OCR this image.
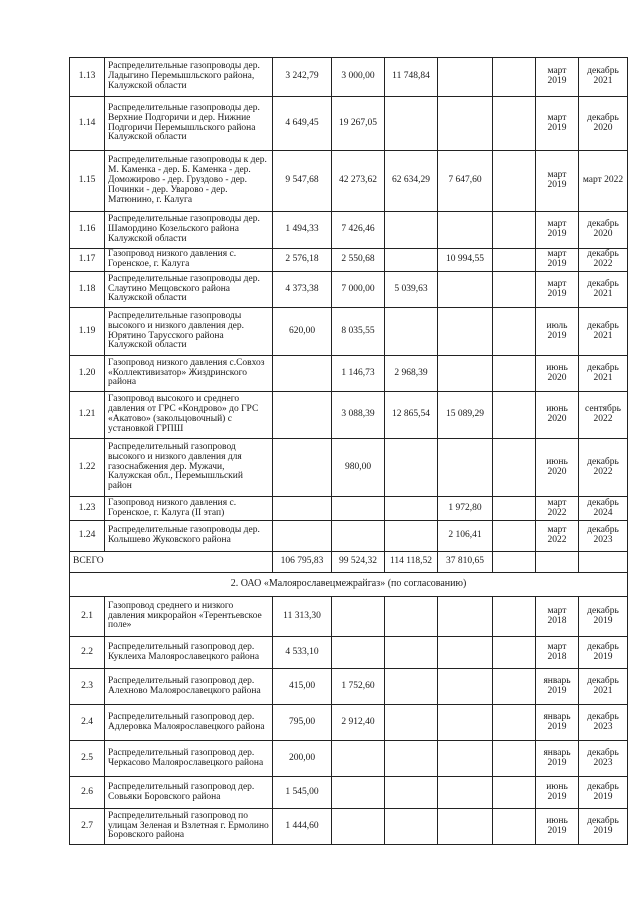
1.13	Распределительные газопроводы дер. Ладыгино Перемышльского района, Калужской области	3 242,79	3 000,00	11 748,84			март 2019	декабрь 2021
1.14	Распределительные газопроводы дер. Верхние Подгоричи и дер. Нижние Подгоричи Перемышльского района Калужской области	4 649,45	19 267,05				март 2019	декабрь 2020
1.15	Распределительные газопроводы к дер. М. Каменка - дер. Б. Каменка - дер. Доможирово - дер. Груздово - дер. Починки - дер. Уварово - дер. Матюнино, г. Калуга	9 547,68	42 273,62	62 634,29	7 647,60		март 2019	март 2022
1.16	Распределительные газопроводы дер. Шамордино Козельского района Калужской области	1 494,33	7 426,46				март 2019	декабрь 2020
1.17	Газопровод низкого давления с. Горенское, г. Калуга	2 576,18	2 550,68		10 994,55		март 2019	декабрь 2022
1.18	Распределительные газопроводы дер. Слаутино Мещовского района Калужской области	4 373,38	7 000,00	5 039,63			март 2019	декабрь 2021
1.19	Распределительные газопроводы высокого и низкого давления дер. Юрятино Тарусского района Калужской области	620,00	8 035,55				июль 2019	декабрь 2021
1.20	Газопровод низкого давления с.Совхоз «Коллективизатор» Жиздринского района		1 146,73	2 968,39			июнь 2020	декабрь 2021
1.21	Газопровод высокого и среднего давления от ГРС «Кондрово» до ГРС «Акатово» (закольцовочный) с установкой ГРПШ		3 088,39	12 865,54	15 089,29		июнь 2020	сентябрь 2022
1.22	Распределительный газопровод высокого и низкого давления для газоснабжения дер. Мужачи, Калужская обл., Перемышльский район		980,00				июнь 2020	декабрь 2022
1.23	Газопровод низкого давления с. Горенское, г. Калуга (II этап)				1 972,80		март 2022	декабрь 2024
1.24	Распределительные газопроводы дер. Колышево Жуковского района				2 106,41		март 2022	декабрь 2023
ВСЕГО		106 795,83	99 524,32	114 118,52	37 810,65			
2. ОАО «Малоярославецмежрайгаз» (по согласованию)								
2.1	Газопровод среднего и низкого давления микрорайон «Терентьевское поле»	11 313,30					март 2018	декабрь 2019
2.2	Распределительный газопровод дер. Куклеиха Малоярославецкого района	4 533,10					март 2018	декабрь 2019
2.3	Распределительный газопровод дер. Алехново Малоярославецкого района	415,00	1 752,60				январь 2019	декабрь 2021
2.4	Распределительный газопровод дер. Адлеровка Малоярославецкого района	795,00	2 912,40				январь 2019	декабрь 2023
2.5	Распределительный газопровод дер. Черкасово Малоярославецкого района	200,00					январь 2019	декабрь 2023
2.6	Распределительный газопровод дер. Совьяки Боровского района	1 545,00					июнь 2019	декабрь 2019
2.7	Распределительный газопровод по улицам Зеленая и Взлетная г. Ермолино Боровского района	1 444,60					июнь 2019	декабрь 2019
